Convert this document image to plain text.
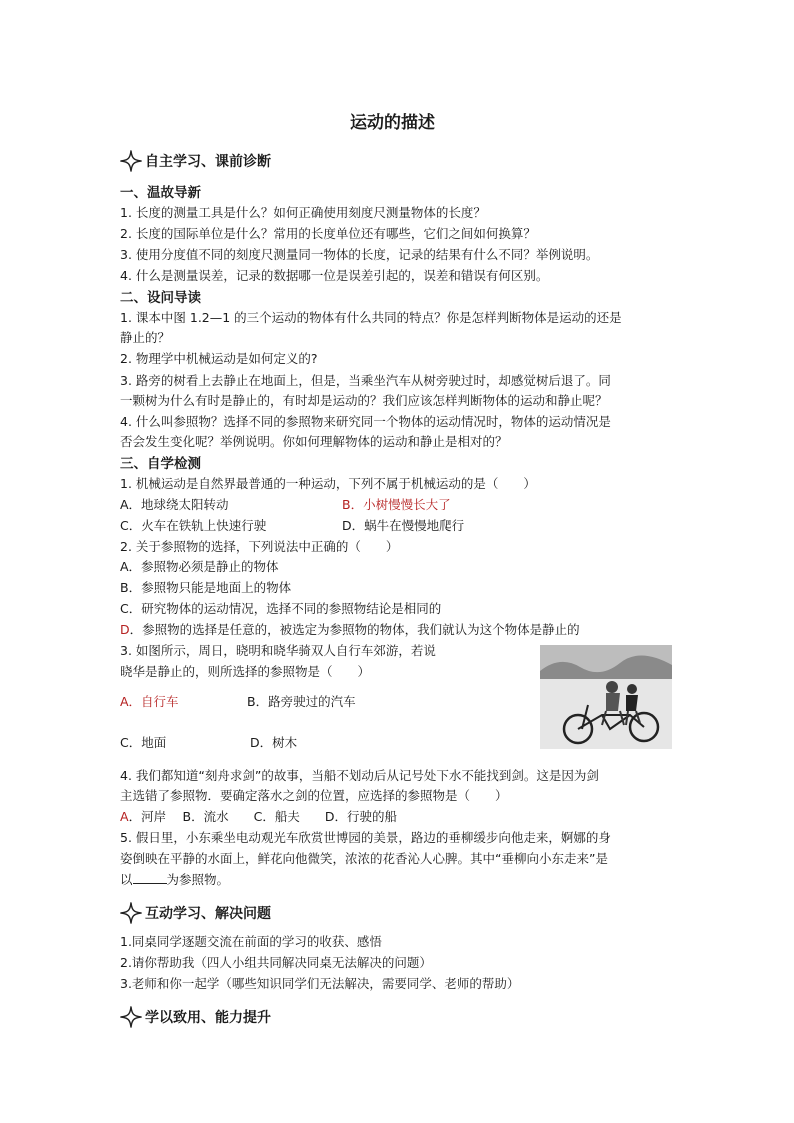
运动的描述
自主学习、课前诊断
一、温故导新
1. 长度的测量工具是什么？如何正确使用刻度尺测量物体的长度？
2. 长度的国际单位是什么？常用的长度单位还有哪些，它们之间如何换算？
3. 使用分度值不同的刻度尺测量同一物体的长度，记录的结果有什么不同？举例说明。
4. 什么是测量误差，记录的数据哪一位是误差引起的，误差和错误有何区别。
二、设问导读
1. 课本中图 1.2—1 的三个运动的物体有什么共同的特点？你是怎样判断物体是运动的还是
静止的？
2. 物理学中机械运动是如何定义的?
3. 路旁的树看上去静止在地面上，但是，当乘坐汽车从树旁驶过时，却感觉树后退了。同
一颗树为什么有时是静止的，有时却是运动的？我们应该怎样判断物体的运动和静止呢？
4. 什么叫参照物？选择不同的参照物来研究同一个物体的运动情况时，物体的运动情况是
否会发生变化呢？举例说明。你如何理解物体的运动和静止是相对的？
三、自学检测
1. 机械运动是自然界最普通的一种运动，下列不属于机械运动的是（　　）
A．地球绕太阳转动	B．小树慢慢长大了
C．火车在铁轨上快速行驶	D．蜗牛在慢慢地爬行
2. 关于参照物的选择，下列说法中正确的（　　）
A．参照物必须是静止的物体
B．参照物只能是地面上的物体
C．研究物体的运动情况，选择不同的参照物结论是相同的
D．参照物的选择是任意的，被选定为参照物的物体，我们就认为这个物体是静止的
3. 如图所示，周日，晓明和晓华骑双人自行车郊游，若说
晓华是静止的，则所选择的参照物是（　　）
A．自行车	B．路旁驶过的汽车
C．地面	D．树木
4. 我们都知道“刻舟求剑”的故事，当船不划动后从记号处下水不能找到剑。这是因为剑
主选错了参照物．要确定落水之剑的位置，应选择的参照物是（　　）
A．河岸　 B．流水　　C．船夫　　D．行驶的船
5. 假日里，小东乘坐电动观光车欣赏世博园的美景，路边的垂柳缓步向他走来，婀娜的身
姿倒映在平静的水面上，鲜花向他微笑，浓浓的花香沁人心脾。其中“垂柳向小东走来”是
以	为参照物。
互动学习、解决问题
1.同桌同学逐题交流在前面的学习的收获、感悟
2.请你帮助我（四人小组共同解决同桌无法解决的问题）
3.老师和你一起学（哪些知识同学们无法解决，需要同学、老师的帮助）
学以致用、能力提升
